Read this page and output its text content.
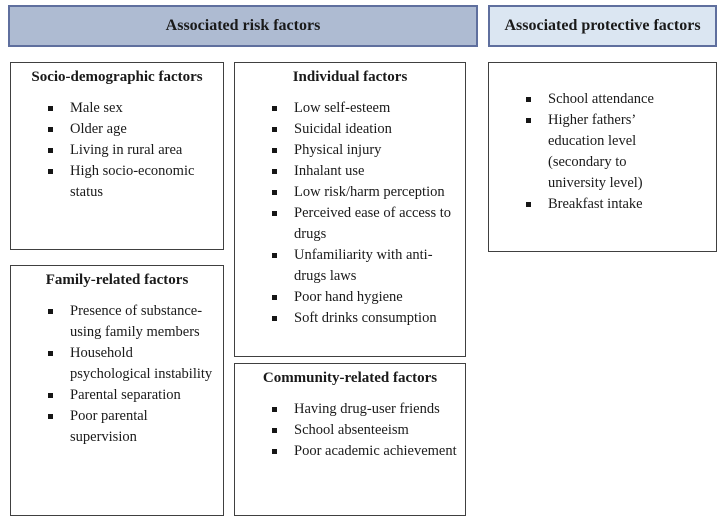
Associated risk factors	Associated protective factors
Socio-demographic factors
Male sex
Older age
Living in rural area
High socio-economic status
Family-related factors
Presence of substance-using family members
Household psychological instability
Parental separation
Poor parental supervision
Individual factors
Low self-esteem
Suicidal ideation
Physical injury
Inhalant use
Low risk/harm perception
Perceived ease of access to drugs
Unfamiliarity with anti-drugs laws
Poor hand hygiene
Soft drinks consumption
Community-related factors
Having drug-user friends
School absenteeism
Poor academic achievement
School attendance
Higher fathers’ education level (secondary to university level)
Breakfast intake
